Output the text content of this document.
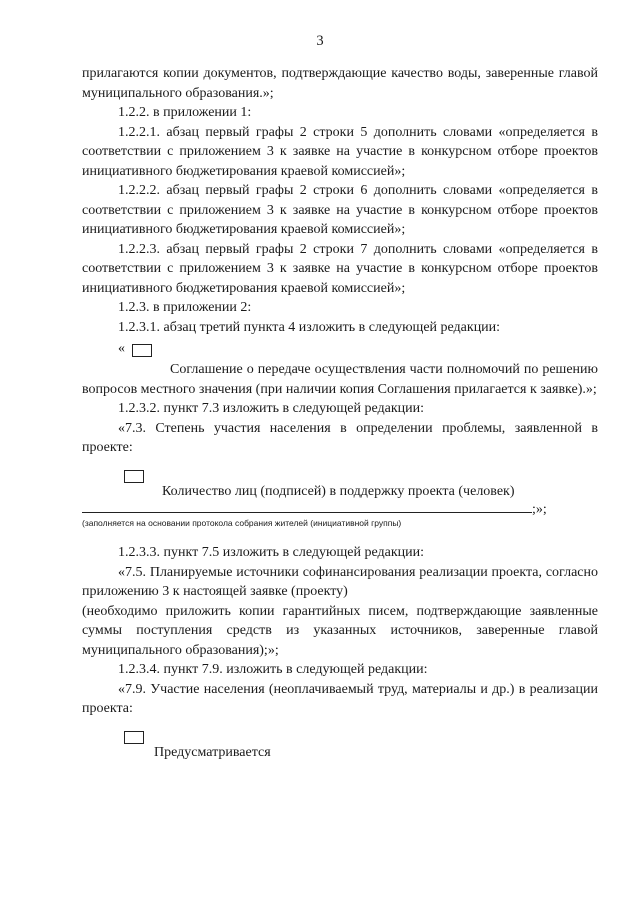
3

прилагаются копии документов, подтверждающие качество воды, заверенные главой муниципального образования.»;

1.2.2. в приложении 1:

1.2.2.1. абзац первый графы 2 строки 5 дополнить словами «определяется в соответствии с приложением 3 к заявке на участие в конкурсном отборе проектов инициативного бюджетирования краевой комиссией»;

1.2.2.2. абзац первый графы 2 строки 6 дополнить словами «определяется в соответствии с приложением 3 к заявке на участие в конкурсном отборе проектов инициативного бюджетирования краевой комиссией»;

1.2.2.3. абзац первый графы 2 строки 7 дополнить словами «определяется в соответствии с приложением 3 к заявке на участие в конкурсном отборе проектов инициативного бюджетирования краевой комиссией»;

1.2.3. в приложении 2:

1.2.3.1. абзац третий пункта 4 изложить в следующей редакции:

«

Соглашение о передаче осуществления части полномочий по решению вопросов местного значения (при наличии копия Соглашения прилагается к заявке).»;

1.2.3.2. пункт 7.3 изложить в следующей редакции:

«7.3. Степень участия населения в определении проблемы, заявленной в проекте:

Количество лиц (подписей) в поддержку проекта (человек)

;»;
(заполняется на основании протокола собрания жителей (инициативной группы)

1.2.3.3. пункт 7.5 изложить в следующей редакции:

«7.5. Планируемые источники софинансирования реализации проекта, согласно приложению 3 к настоящей заявке (проекту)

(необходимо приложить копии гарантийных писем, подтверждающие заявленные суммы поступления средств из указанных источников, заверенные главой муниципального образования);»;

1.2.3.4. пункт 7.9. изложить в следующей редакции:

«7.9. Участие населения (неоплачиваемый труд, материалы и др.) в реализации проекта:

Предусматривается
